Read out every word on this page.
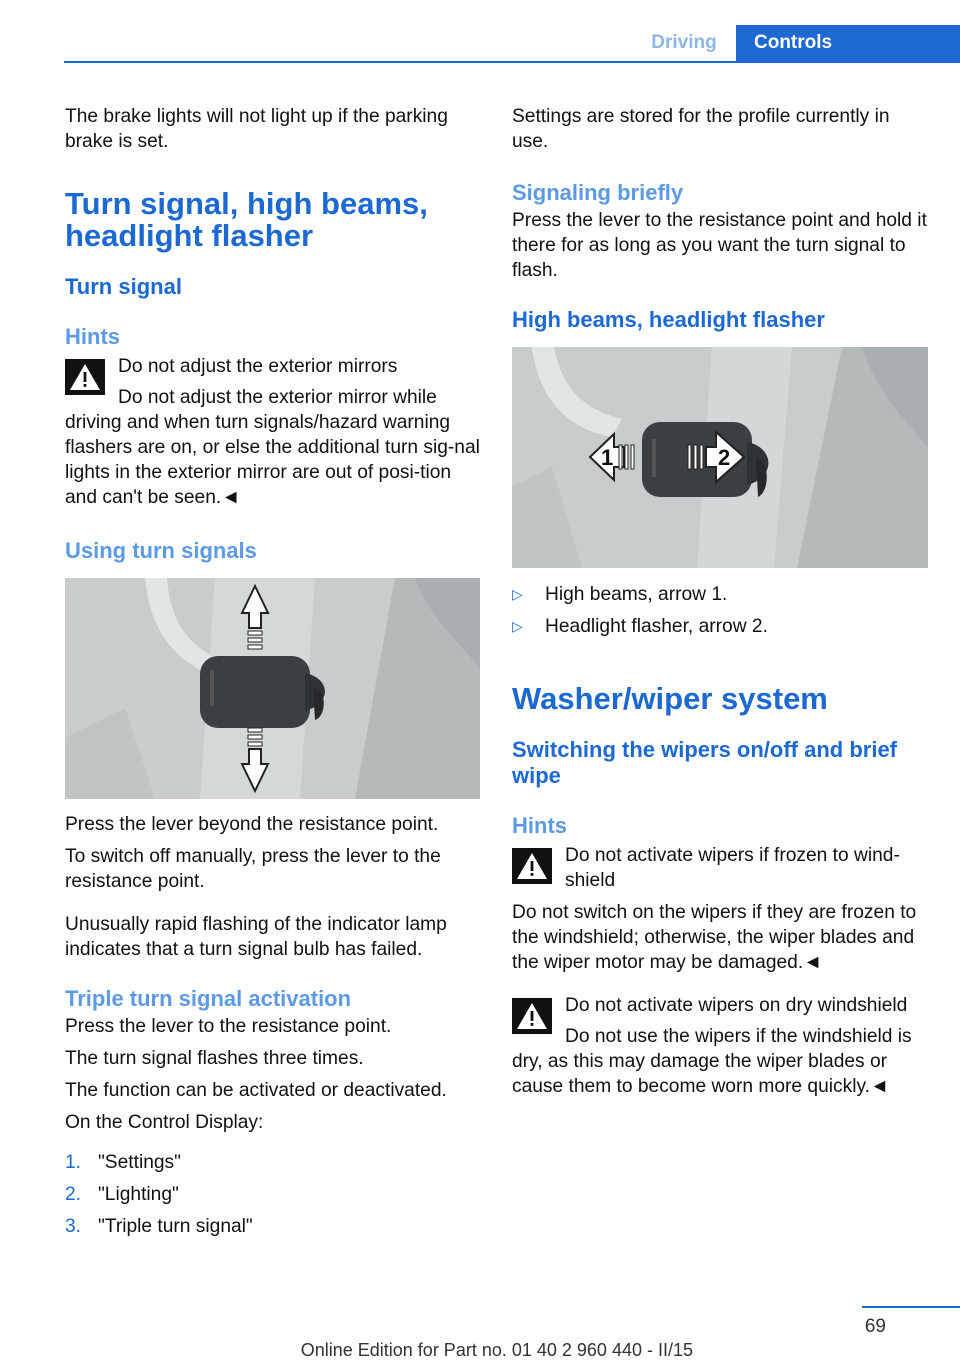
Driving	Controls

The brake lights will not light up if the parking brake is set.

Turn signal, high beams, headlight flasher
Turn signal
Hints
Do not adjust the exterior mirrors

Do not adjust the exterior mirror while driving and when turn signals/hazard warning flashers are on, or else the additional turn sig-nal lights in the exterior mirror are out of posi-tion and can't be seen.◄

Using turn signals

Press the lever beyond the resistance point.

To switch off manually, press the lever to the resistance point.

Unusually rapid flashing of the indicator lamp indicates that a turn signal bulb has failed.

Triple turn signal activation

Press the lever to the resistance point.

The turn signal flashes three times.

The function can be activated or deactivated.

On the Control Display:

1. "Settings"
2. "Lighting"
3. "Triple turn signal"

Settings are stored for the profile currently in use.

Signaling briefly

Press the lever to the resistance point and hold it there for as long as you want the turn signal to flash.

High beams, headlight flasher
1	2
▷ High beams, arrow 1.
▷ Headlight flasher, arrow 2.
Washer/wiper system
Switching the wipers on/off and brief wipe
Hints
Do not activate wipers if frozen to wind-shield

Do not switch on the wipers if they are frozen to the windshield; otherwise, the wiper blades and the wiper motor may be damaged.◄

Do not activate wipers on dry windshield

Do not use the wipers if the windshield is dry, as this may damage the wiper blades or cause them to become worn more quickly.◄

69
Online Edition for Part no. 01 40 2 960 440 - II/15
